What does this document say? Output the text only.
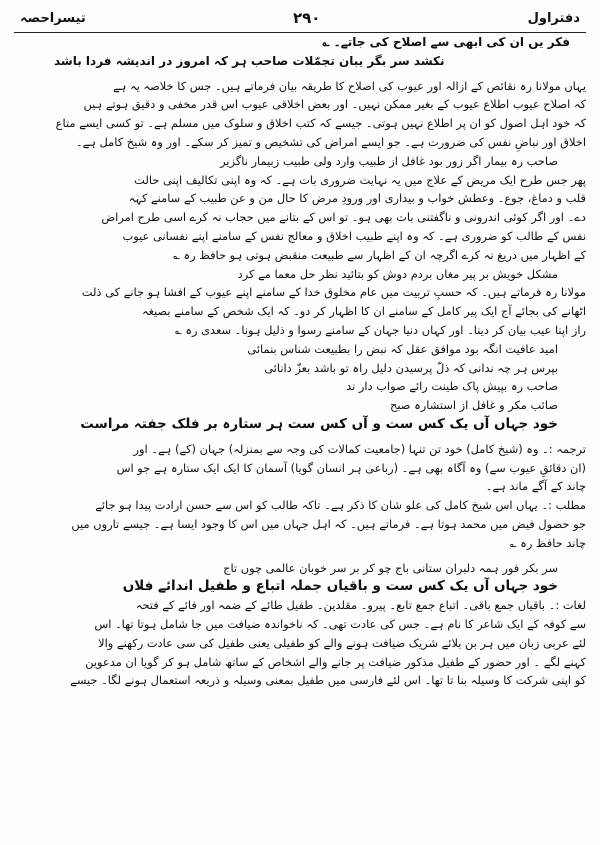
دفتراول
۲۹۰
تیسراحصہ
فکر یں ان کی ابھی سے اصلاح کی جاتے۔ ؎
نکشد سر بگر یبان تجمّلات صاحب ہر کہ امروز در اندیشہ فردا باشد
یہاں مولانا رہ نقائص کے ازالہ اور عیوب کی اصلاح کا طریقہ بیان فرماتے ہیں۔ جس کا خلاصہ یہ ہے
کہ اصلاح عیوب اطلاع عیوب کے بغیر ممکن نہیں۔ اور بعض اخلاقی عیوب اس قدر مخفی و دقیق ہوتے ہیں
کہ خود اہل اصول کو ان پر اطلاع نہیں ہوتی۔ جیسے کہ کتب اخلاق و سلوک میں مسلم ہے۔ تو کسی ایسے متاع
اخلاق اور نباضِ نفس کی ضرورت ہے۔ جو ایسے امراض کی تشخیص و تمیز کر سکے۔ اور وہ شیخ کامل ہے۔
صاحب رہ بیمار اگر زور بود غافل از طبیب وارد ولی طبیب زبیمار ناگزیر
پھر جس طرح ایک مریض کے علاج میں یہ نہایت ضروری بات ہے۔ کہ وہ اپنی تکالیف اپنی حالت
قلب و دماغ، جوع۔ وعطش خواب و بیداری اور ورودِ مرض کا حال من و عن طبیب کے سامنے کہہ
دے۔ اور اگر کوئی اندرونی و ناگفتنی بات بھی ہو۔ تو اس کے بتانے میں حجاب نہ کرے اسی طرح امراض
نفس کے طالب کو ضروری ہے۔ کہ وہ اپنے طبیب اخلاق و معالج نفس کے سامنے اپنے نفسانی عیوب
کے اظہار میں دریغ نہ کرے اگرچہ ان کے اظہار سے طبیعت منقبض ہوتی ہو حافظ رہ ؎
مشکل خویش بر پیر مغاں بردم دوش کو بتائید نظر حل معما مے کرد
مولانا رہ فرماتے ہیں۔ کہ حسبِ تربیت میں عام مخلوق خدا کے سامنے اپنے عیوب کے افشا ہو جانے کی ذلت
اٹھانے کی بجائے آج ایک پیر کامل کے سامنے ان کا اظہار کر دو۔ کہ ایک شخص کے سامنے بصیغہ
راز اپنا عیب بیان کر دینا۔ اور کہاں دنیا جہان کے سامنے رسوا و ذلیل ہونا۔ سعدی رہ ؎
امید عافیت انگہ بود موافق عقل کہ نبض را بطبیعت شناس بنمائی
بپرس ہر چہ ندانی کہ ذلّ پرسیدن دلیل راہ تو باشد بعزّ دانائی
صاحب رہ بپیش پاک طینت رائے صواب دار ند
صائب مکر و غافل از استشارہ صبح
خود جہاں آں یک کس ست و آں کس ست ہر ستارہ بر فلک جفتہ مراست
ترجمہ :۔ وہ (شیخ کامل) خود تن تنہا (جامعیت کمالات کی وجہ سے بمنزلہ) جہان (کے) ہے۔ اور
(ان دقائقِ عیوب سے) وہ آگاہ بھی ہے۔ (رباعی ہر انسان گویا) آسمان کا ایک ایک ستارہ ہے جو اس
چاند کے آگے ماند ہے۔
مطلب :۔ یہاں اس شیخ کامل کی علو شان کا ذکر ہے۔ تاکہ طالب کو اس سے حسن ارادت پیدا ہو جائے
جو حصول فیض میں محمد ہوتا ہے۔ فرماتے ہیں۔ کہ اہل جہاں میں اس کا وجود ایسا ہے۔ جیسے تاروں میں
چاند حافظ رہ ؎
سر بکر فور ہمہ دلبران ستانی باج چو کر بر سر خوبان عالمی چوں تاج
خود جہاں آں یک کس ست و باقیاں جملہ اتباع و طفیل اندائے فلاں
لغات :۔ باقیاں جمع باقی۔ اتباع جمع تابع۔ پیرو۔ مقلدین۔ طفیل طائے کے ضمہ اور فائے کے فتحہ
سے کوفہ کے ایک شاعر کا نام ہے۔ جس کی عادت تھی۔ کہ ناخواندہ ضیافت میں جا شامل ہوتا تھا۔ اس
لئے عربی زبان میں ہر بن بلائے شریک ضیافت ہونے والے کو طفیلی یعنی طفیل کی سی عادت رکھنے والا
کہنے لگے ۔ اور حضور کے طفیل مذکور ضیافت پر جانے والے اشخاص کے ساتھ شامل ہو کر گویا ان مدعوین
کو اپنی شرکت کا وسیلہ بنا تا تھا۔ اس لئے فارسی میں طفیل بمعنی وسیلہ و ذریعہ استعمال ہونے لگا۔ جیسے
